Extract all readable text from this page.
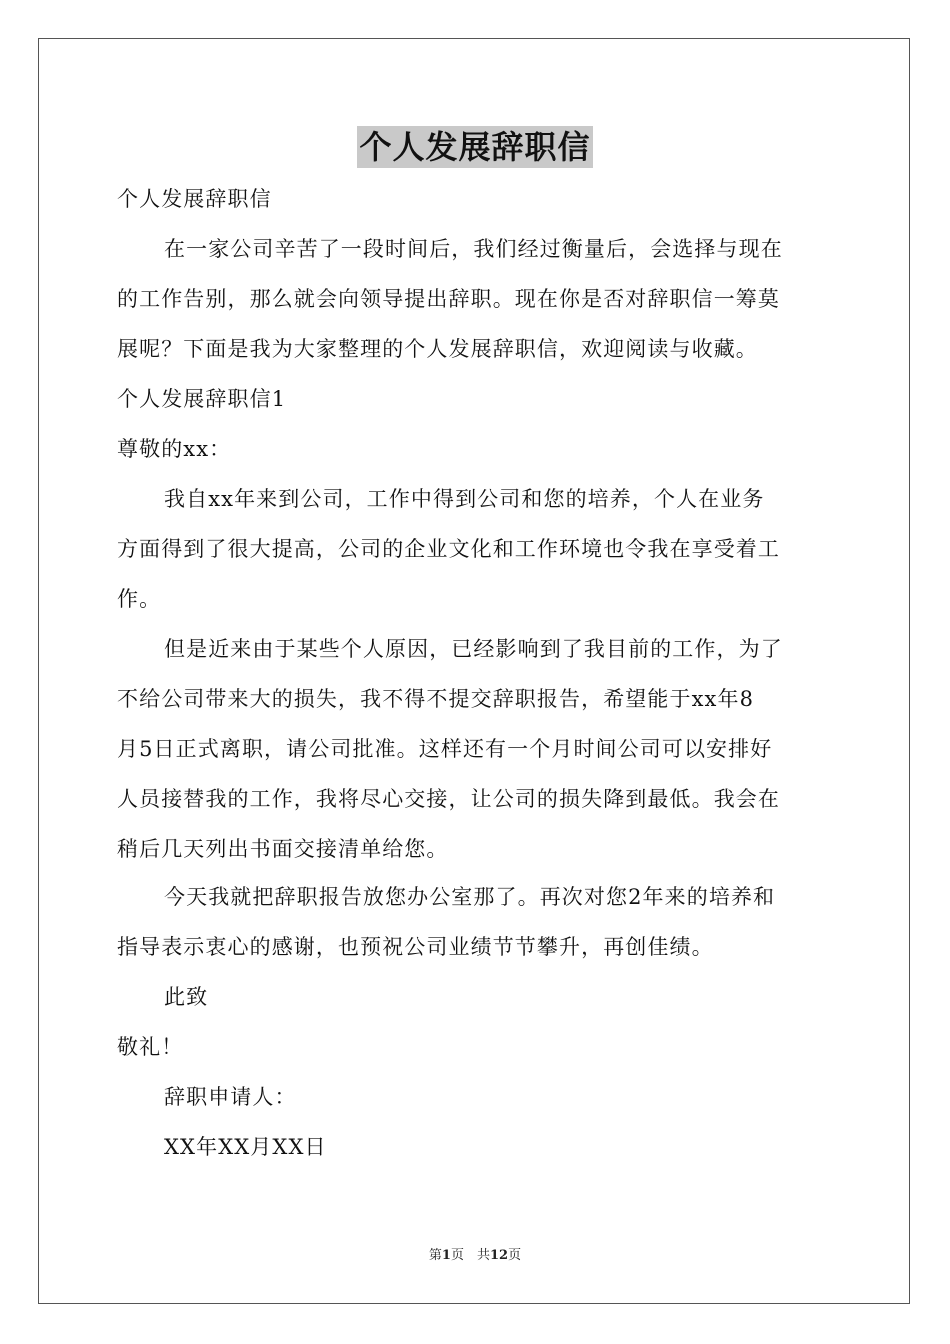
个人发展辞职信
个人发展辞职信
在一家公司辛苦了一段时间后，我们经过衡量后，会选择与现在
的工作告别，那么就会向领导提出辞职。现在你是否对辞职信一筹莫
展呢？下面是我为大家整理的个人发展辞职信，欢迎阅读与收藏。
个人发展辞职信1
尊敬的xx：
我自xx年来到公司，工作中得到公司和您的培养，个人在业务
方面得到了很大提高，公司的企业文化和工作环境也令我在享受着工
作。
但是近来由于某些个人原因，已经影响到了我目前的工作，为了
不给公司带来大的损失，我不得不提交辞职报告，希望能于xx年8
月5日正式离职，请公司批准。这样还有一个月时间公司可以安排好
人员接替我的工作，我将尽心交接，让公司的损失降到最低。我会在
稍后几天列出书面交接清单给您。
今天我就把辞职报告放您办公室那了。再次对您2年来的培养和
指导表示衷心的感谢，也预祝公司业绩节节攀升，再创佳绩。
此致
敬礼！
辞职申请人：
XX年XX月XX日
第1页　共12页
